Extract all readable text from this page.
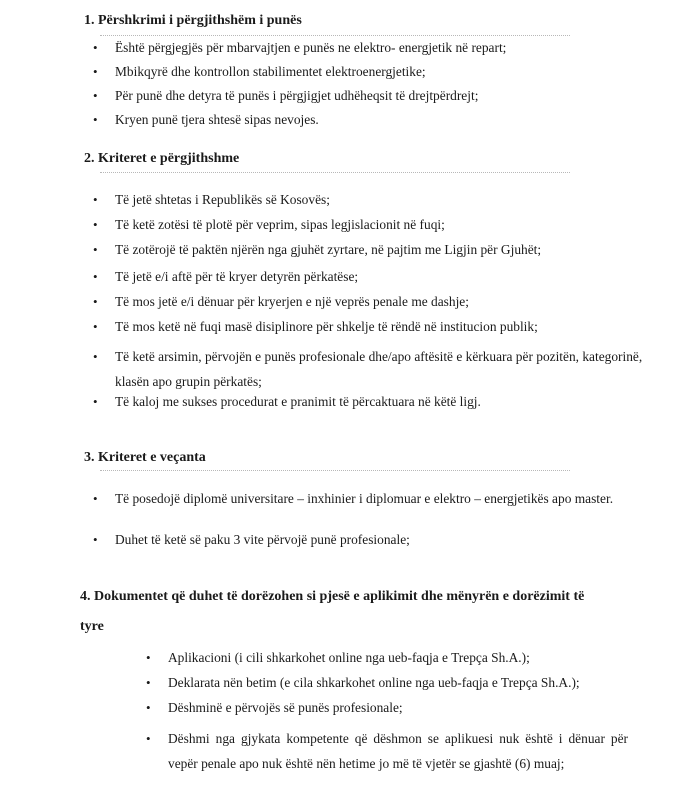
1. Përshkrimi i përgjithshëm i punës
• Është përgjegjës për mbarvajtjen e punës ne elektro- energjetik në repart;
• Mbikqyrë dhe kontrollon stabilimentet elektroenergjetike;
• Për punë dhe detyra të punës i përgjigjet udhëheqsit të drejtpërdrejt;
• Kryen punë tjera shtesë sipas nevojes.
2. Kriteret e përgjithshme
• Të jetë shtetas i Republikës së Kosovës;
• Të ketë zotësi të plotë për veprim, sipas legjislacionit në fuqi;
• Të zotërojë të paktën njërën nga gjuhët zyrtare, në pajtim me Ligjin për Gjuhët;
• Të jetë e/i aftë për të kryer detyrën përkatëse;
• Të mos jetë e/i dënuar për kryerjen e një veprës penale me dashje;
• Të mos ketë në fuqi masë disiplinore për shkelje të rëndë në institucion publik;
• Të ketë arsimin, përvojën e punës profesionale dhe/apo aftësitë e kërkuara për pozitën, kategorinë, klasën apo grupin përkatës;
• Të kaloj me sukses procedurat e pranimit të përcaktuara në këtë ligj.
3. Kriteret e veçanta
• Të posedojë diplomë universitare – inxhinier i diplomuar e elektro – energjetikës apo master.
• Duhet të ketë së paku 3 vite përvojë punë profesionale;
4. Dokumentet që duhet të dorëzohen si pjesë e aplikimit dhe mënyrën e dorëzimit të tyre
• Aplikacioni (i cili shkarkohet online nga ueb-faqja e Trepça Sh.A.);
• Deklarata nën betim (e cila shkarkohet online nga ueb-faqja e Trepça Sh.A.);
• Dëshminë e përvojës së punës profesionale;
• Dëshmi nga gjykata kompetente që dëshmon se aplikuesi nuk është i dënuar për vepër penale apo nuk është nën hetime jo më të vjetër se gjashtë (6) muaj;
